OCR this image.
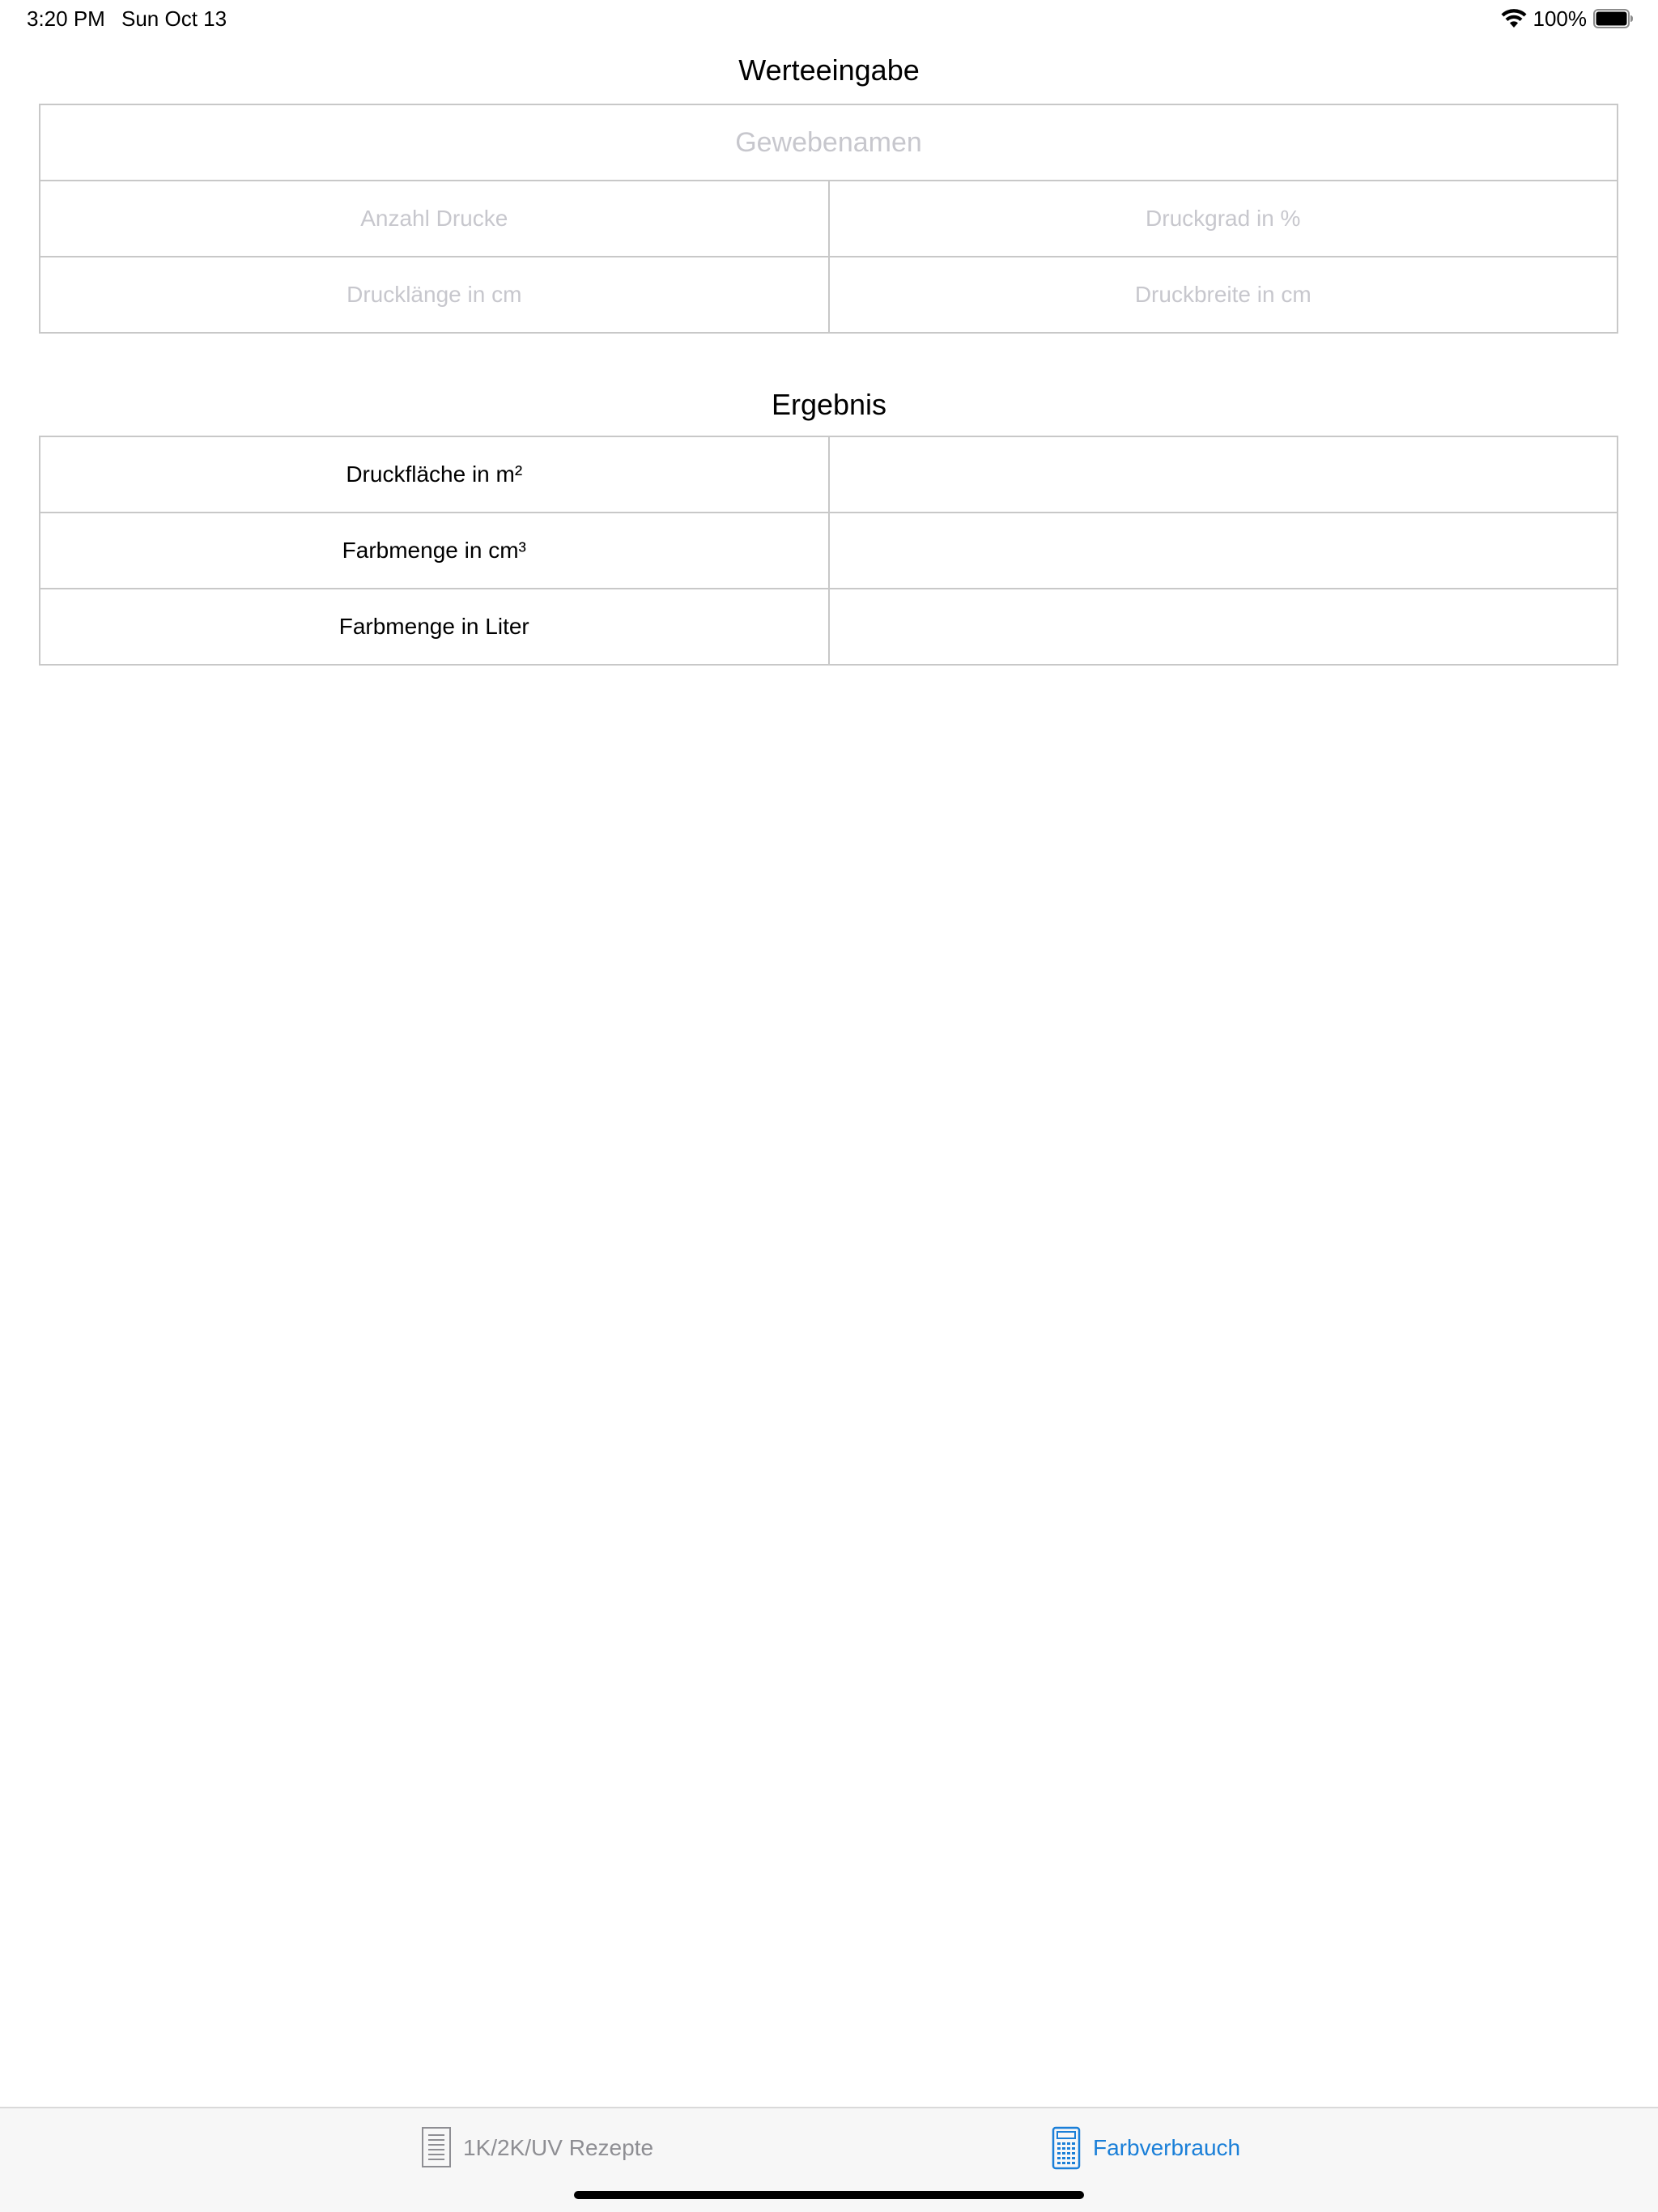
3:20 PM Sun Oct 13	100%
Werteeingabe
Gewebenamen
Anzahl Drucke
Druckgrad in %
Drucklänge in cm
Druckbreite in cm
Ergebnis
Druckfläche in m²
Farbmenge in cm³
Farbmenge in Liter
1K/2K/UV Rezepte	Farbverbrauch
